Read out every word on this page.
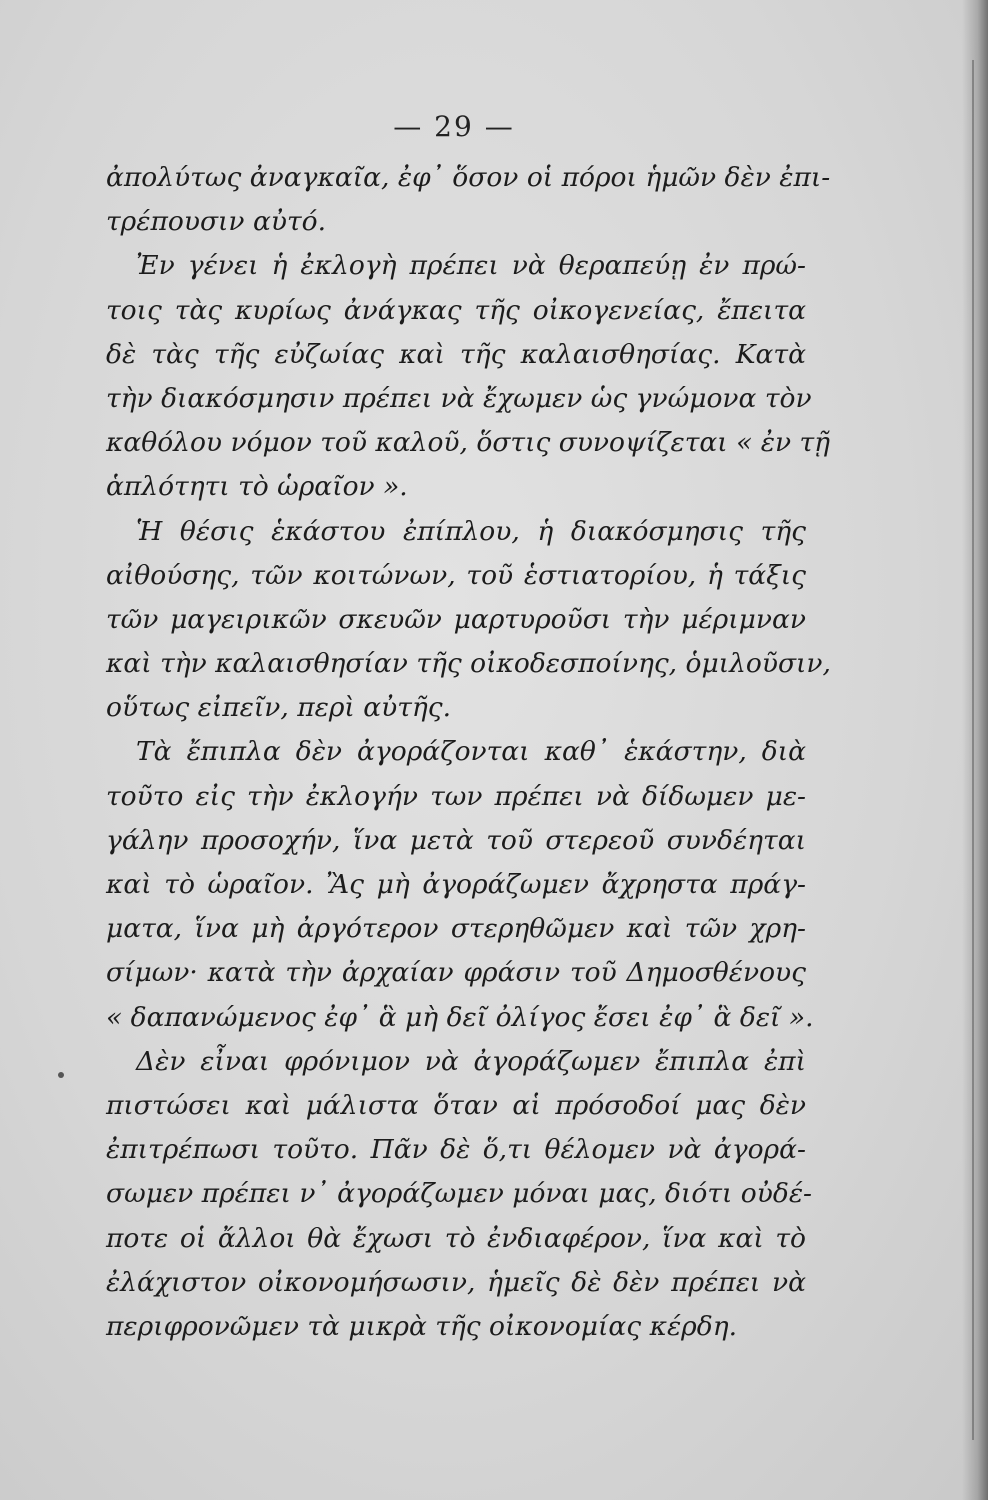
— 29 —
ἀπολύτως ἀναγκαῖα, ἐφ᾽ ὅσον οἱ πόροι ἡμῶν δὲν ἐπι-
τρέπουσιν αὐτό.
Ἐν γένει ἡ ἐκλογὴ πρέπει νὰ θεραπεύῃ ἐν πρώ-
τοις τὰς κυρίως ἀνάγκας τῆς οἰκογενείας, ἔπειτα
δὲ τὰς τῆς εὐζωίας καὶ τῆς καλαισθησίας. Κατὰ
τὴν διακόσμησιν πρέπει νὰ ἔχωμεν ὡς γνώμονα τὸν
καθόλου νόμον τοῦ καλοῦ, ὅστις συνοψίζεται « ἐν τῇ
ἁπλότητι τὸ ὡραῖον ».
Ἡ θέσις ἑκάστου ἐπίπλου, ἡ διακόσμησις τῆς
αἰθούσης, τῶν κοιτώνων, τοῦ ἑστιατορίου, ἡ τάξις
τῶν μαγειρικῶν σκευῶν μαρτυροῦσι τὴν μέριμναν
καὶ τὴν καλαισθησίαν τῆς οἰκοδεσποίνης, ὁμιλοῦσιν,
οὕτως εἰπεῖν, περὶ αὐτῆς.
Τὰ ἔπιπλα δὲν ἀγοράζονται καθ᾽ ἑκάστην, διὰ
τοῦτο εἰς τὴν ἐκλογήν των πρέπει νὰ δίδωμεν με-
γάλην προσοχήν, ἵνα μετὰ τοῦ στερεοῦ συνδέηται
καὶ τὸ ὡραῖον. Ἂς μὴ ἀγοράζωμεν ἄχρηστα πράγ-
ματα, ἵνα μὴ ἀργότερον στερηθῶμεν καὶ τῶν χρη-
σίμων· κατὰ τὴν ἀρχαίαν φράσιν τοῦ Δημοσθένους
« δαπανώμενος ἐφ᾽ ἃ μὴ δεῖ ὀλίγος ἔσει ἐφ᾽ ἃ δεῖ ».
Δὲν εἶναι φρόνιμον νὰ ἀγοράζωμεν ἔπιπλα ἐπὶ
πιστώσει καὶ μάλιστα ὅταν αἱ πρόσοδοί μας δὲν
ἐπιτρέπωσι τοῦτο. Πᾶν δὲ ὅ,τι θέλομεν νὰ ἀγορά-
σωμεν πρέπει ν᾽ ἀγοράζωμεν μόναι μας, διότι οὐδέ-
ποτε οἱ ἄλλοι θὰ ἔχωσι τὸ ἐνδιαφέρον, ἵνα καὶ τὸ
ἐλάχιστον οἰκονομήσωσιν, ἡμεῖς δὲ δὲν πρέπει νὰ
περιφρονῶμεν τὰ μικρὰ τῆς οἰκονομίας κέρδη.
